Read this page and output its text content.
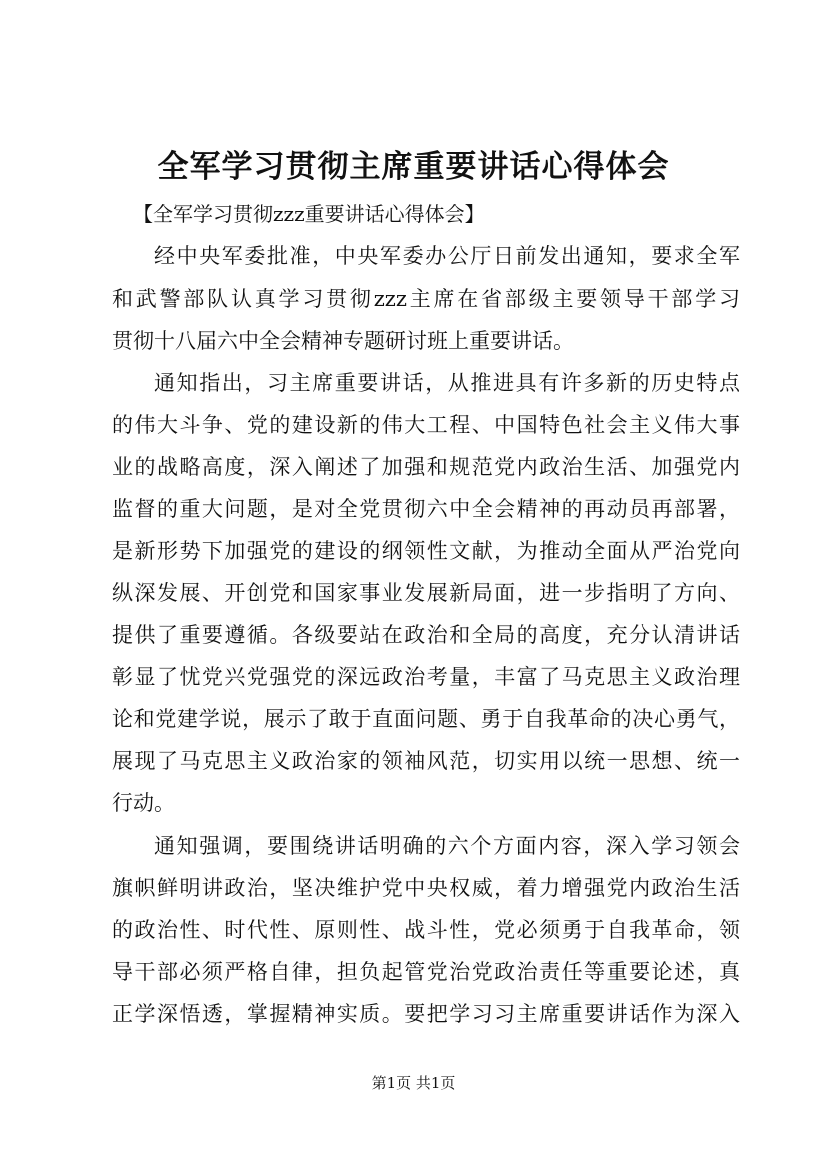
全军学习贯彻主席重要讲话心得体会
【全军学习贯彻zzz重要讲话心得体会】
经中央军委批准，中央军委办公厅日前发出通知，要求全军
和武警部队认真学习贯彻zzz主席在省部级主要领导干部学习
贯彻十八届六中全会精神专题研讨班上重要讲话。
通知指出，习主席重要讲话，从推进具有许多新的历史特点
的伟大斗争、党的建设新的伟大工程、中国特色社会主义伟大事
业的战略高度，深入阐述了加强和规范党内政治生活、加强党内
监督的重大问题，是对全党贯彻六中全会精神的再动员再部署，
是新形势下加强党的建设的纲领性文献，为推动全面从严治党向
纵深发展、开创党和国家事业发展新局面，进一步指明了方向、
提供了重要遵循。各级要站在政治和全局的高度，充分认清讲话
彰显了忧党兴党强党的深远政治考量，丰富了马克思主义政治理
论和党建学说，展示了敢于直面问题、勇于自我革命的决心勇气，
展现了马克思主义政治家的领袖风范，切实用以统一思想、统一
行动。
通知强调，要围绕讲话明确的六个方面内容，深入学习领会
旗帜鲜明讲政治，坚决维护党中央权威，着力增强党内政治生活
的政治性、时代性、原则性、战斗性，党必须勇于自我革命，领
导干部必须严格自律，担负起管党治党政治责任等重要论述，真
正学深悟透，掌握精神实质。要把学习习主席重要讲话作为深入
第1页 共1页
